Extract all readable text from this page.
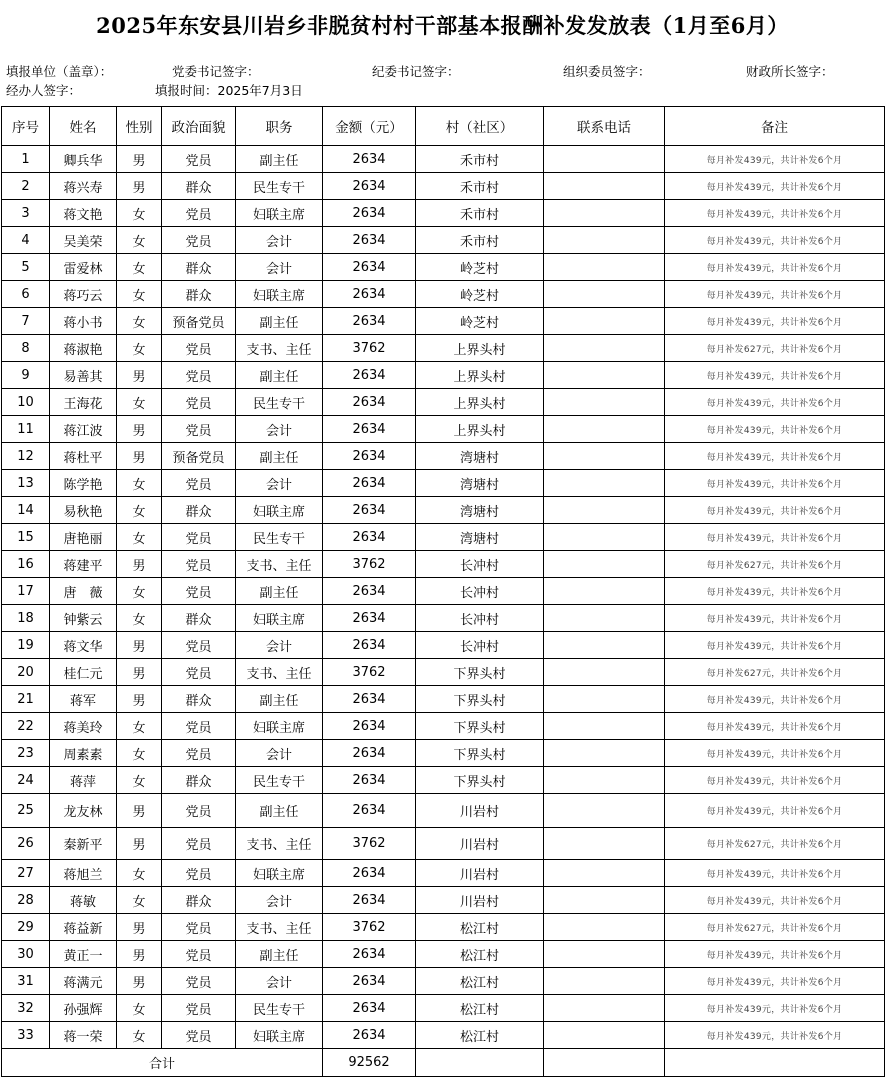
2025年东安县川岩乡非脱贫村村干部基本报酬补发发放表（1月至6月）
填报单位（盖章）：	党委书记签字：	纪委书记签字：	组织委员签字：	财政所长签字：
经办人签字：	填报时间：2025年7月3日
序号	姓名	性别	政治面貌	职务	金额（元）	村（社区）	联系电话	备注
1	卿兵华	男	党员	副主任	2634	禾市村		每月补发439元，共计补发6个月
2	蒋兴寿	男	群众	民生专干	2634	禾市村		每月补发439元，共计补发6个月
3	蒋文艳	女	党员	妇联主席	2634	禾市村		每月补发439元，共计补发6个月
4	吴美荣	女	党员	会计	2634	禾市村		每月补发439元，共计补发6个月
5	雷爱林	女	群众	会计	2634	岭芝村		每月补发439元，共计补发6个月
6	蒋巧云	女	群众	妇联主席	2634	岭芝村		每月补发439元，共计补发6个月
7	蒋小书	女	预备党员	副主任	2634	岭芝村		每月补发439元，共计补发6个月
8	蒋淑艳	女	党员	支书、主任	3762	上界头村		每月补发627元，共计补发6个月
9	易善其	男	党员	副主任	2634	上界头村		每月补发439元，共计补发6个月
10	王海花	女	党员	民生专干	2634	上界头村		每月补发439元，共计补发6个月
11	蒋江波	男	党员	会计	2634	上界头村		每月补发439元，共计补发6个月
12	蒋杜平	男	预备党员	副主任	2634	湾塘村		每月补发439元，共计补发6个月
13	陈学艳	女	党员	会计	2634	湾塘村		每月补发439元，共计补发6个月
14	易秋艳	女	群众	妇联主席	2634	湾塘村		每月补发439元，共计补发6个月
15	唐艳丽	女	党员	民生专干	2634	湾塘村		每月补发439元，共计补发6个月
16	蒋建平	男	党员	支书、主任	3762	长冲村		每月补发627元，共计补发6个月
17	唐　薇	女	党员	副主任	2634	长冲村		每月补发439元，共计补发6个月
18	钟紫云	女	群众	妇联主席	2634	长冲村		每月补发439元，共计补发6个月
19	蒋文华	男	党员	会计	2634	长冲村		每月补发439元，共计补发6个月
20	桂仁元	男	党员	支书、主任	3762	下界头村		每月补发627元，共计补发6个月
21	蒋军	男	群众	副主任	2634	下界头村		每月补发439元，共计补发6个月
22	蒋美玲	女	党员	妇联主席	2634	下界头村		每月补发439元，共计补发6个月
23	周素素	女	党员	会计	2634	下界头村		每月补发439元，共计补发6个月
24	蒋萍	女	群众	民生专干	2634	下界头村		每月补发439元，共计补发6个月
25	龙友林	男	党员	副主任	2634	川岩村		每月补发439元，共计补发6个月
26	秦新平	男	党员	支书、主任	3762	川岩村		每月补发627元，共计补发6个月
27	蒋旭兰	女	党员	妇联主席	2634	川岩村		每月补发439元，共计补发6个月
28	蒋敏	女	群众	会计	2634	川岩村		每月补发439元，共计补发6个月
29	蒋益新	男	党员	支书、主任	3762	松江村		每月补发627元，共计补发6个月
30	黄正一	男	党员	副主任	2634	松江村		每月补发439元，共计补发6个月
31	蒋满元	男	党员	会计	2634	松江村		每月补发439元，共计补发6个月
32	孙强辉	女	党员	民生专干	2634	松江村		每月补发439元，共计补发6个月
33	蒋一荣	女	党员	妇联主席	2634	松江村		每月补发439元，共计补发6个月
合计					92562			
